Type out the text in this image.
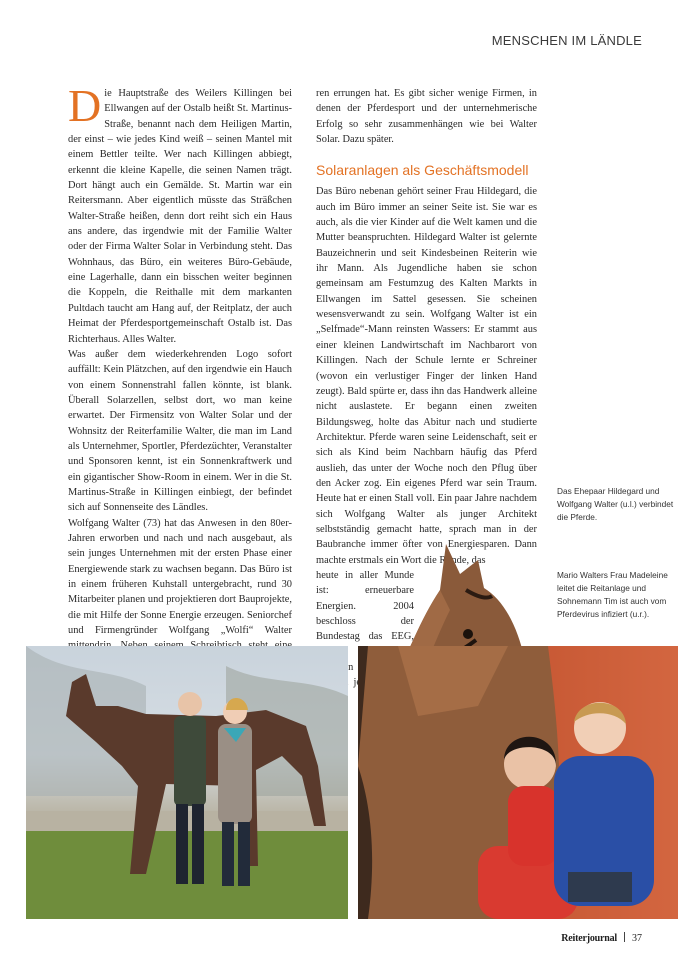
MENSCHEN IM LÄNDLE

Die Hauptstraße des Weilers Killingen bei Ellwangen auf der Ostalb heißt St. Martinus-Straße, benannt nach dem Heiligen Martin, der einst – wie jedes Kind weiß – seinen Mantel mit einem Bettler teilte. Wer nach Killingen abbiegt, erkennt die kleine Kapelle, die seinen Namen trägt. Dort hängt auch ein Gemälde. St. Martin war ein Reitersmann. Aber eigentlich müsste das Sträßchen Walter-Straße heißen, denn dort reiht sich ein Haus ans andere, das irgendwie mit der Familie Walter oder der Firma Walter Solar in Verbindung steht. Das Wohnhaus, das Büro, ein weiteres Büro-Gebäude, eine Lagerhalle, dann ein bisschen weiter beginnen die Koppeln, die Reithalle mit dem markanten Pultdach taucht am Hang auf, der Reitplatz, der auch Heimat der Pferdesportgemeinschaft Ostalb ist. Das Richterhaus. Alles Walter.

Was außer dem wiederkehrenden Logo sofort auffällt: Kein Plätzchen, auf den irgendwie ein Hauch von einem Sonnenstrahl fallen könnte, ist blank. Überall Solarzellen, selbst dort, wo man keine erwartet. Der Firmensitz von Walter Solar und der Wohnsitz der Reiterfamilie Walter, die man im Land als Unternehmer, Sportler, Pferdezüchter, Veranstalter und Sponsoren kennt, ist ein Sonnenkraftwerk und ein gigantischer Show-Room in einem. Wer in die St. Martinus-Straße in Killingen einbiegt, der befindet sich auf Sonnenseite des Ländles.

Wolfgang Walter (73) hat das Anwesen in den 80er-Jahren erworben und nach und nach ausgebaut, als sein junges Unternehmen mit der ersten Phase einer Energiewende stark zu wachsen begann. Das Büro ist in einem früheren Kuhstall untergebracht, rund 30 Mitarbeiter planen und projektieren dort Bauprojekte, die mit Hilfe der Sonne Energie erzeugen. Seniorchef und Firmengründer Wolfgang „Wolfi“ Walter

ren errungen hat. Es gibt sicher wenige Firmen, in denen der Pferdesport und der unternehmerische Erfolg so sehr zusammenhängen wie bei Walter Solar. Dazu später.

Solaranlagen als Geschäftsmodell

Das Büro nebenan gehört seiner Frau Hildegard, die auch im Büro immer an seiner Seite ist. Sie war es auch, als die vier Kinder auf die Welt kamen und die Mutter beanspruchten. Hildegard Walter ist gelernte Bauzeichnerin und seit Kindesbeinen Reiterin wie ihr Mann. Als Jugendliche haben sie schon gemeinsam am Festumzug des Kalten Markts in Ellwangen im Sattel gesessen. Sie scheinen wesensverwandt zu sein. Wolfgang Walter ist ein „Selfmade“-Mann reinsten Wassers: Er stammt aus einer kleinen Landwirtschaft im Nachbarort von Killingen. Nach der Schule lernte er Schreiner (wovon ein verlustiger Finger der linken Hand zeugt). Bald spürte er, dass ihn das Handwerk alleine nicht auslastete. Er begann einen zweiten Bildungsweg, holte das Abitur nach und studierte Architektur. Pferde waren seine Leidenschaft, seit er sich als Kind beim Nachbarn häufig das Pferd auslieh, das unter der Woche noch den Pflug über den Acker zog. Ein eigenes Pferd war sein Traum. Heute hat er einen Stall voll. Ein paar Jahre nachdem sich Wolfgang Walter als junger Architekt selbstständig gemacht hatte, sprach man in der Baubranche immer öfter von Energiesparen. Dann machte erstmals ein Wort die Runde, das

heute in aller Munde ist: erneuerbare Energien. 2004 beschloss der Bundestag das EEG,

Das Ehepaar Hildegard und Wolfgang Walter (u.l.) verbindet die Pferde.
Mario Walters Frau Madeleine leitet die Reitanlage und Sohnemann Tim ist auch vom Pferdevirus infiziert (u.r.).
Reiterjournal 37
